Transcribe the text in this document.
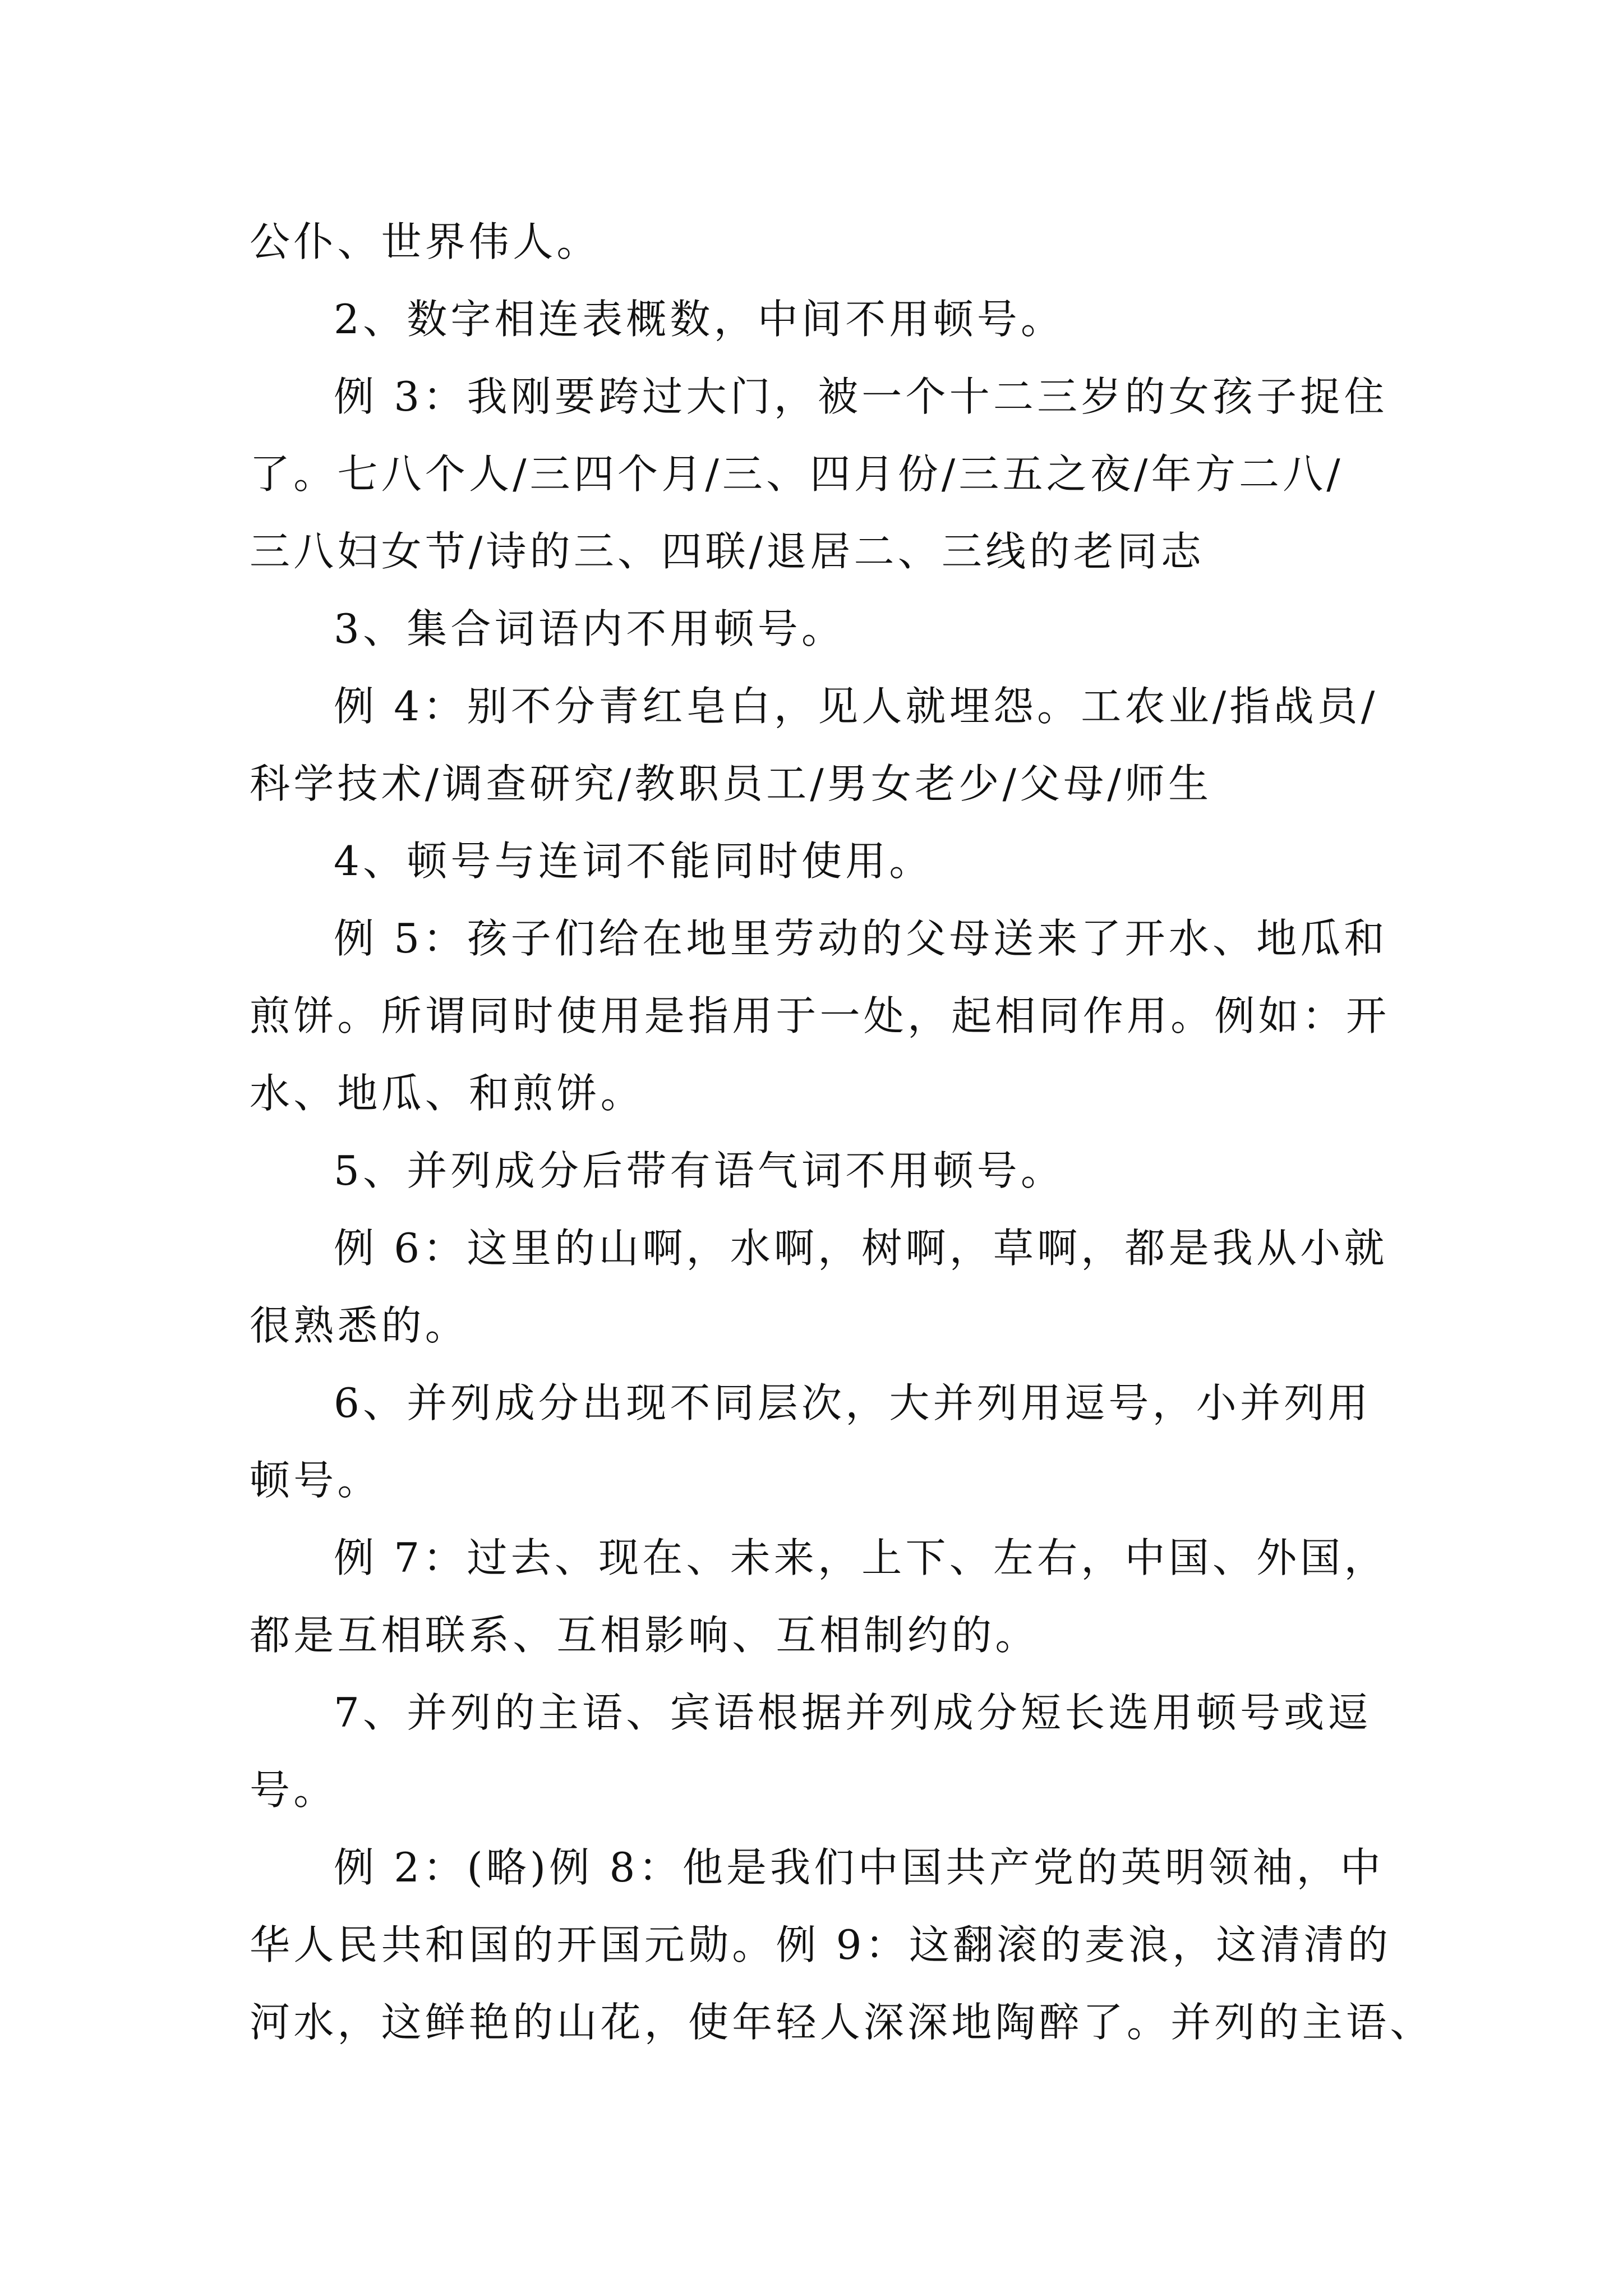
公仆、世界伟人。
2、数字相连表概数，中间不用顿号。
例 3：我刚要跨过大门，被一个十二三岁的女孩子捉住
了。七八个人/三四个月/三、四月份/三五之夜/年方二八/
三八妇女节/诗的三、四联/退居二、三线的老同志
3、集合词语内不用顿号。
例 4：别不分青红皂白，见人就埋怨。工农业/指战员/
科学技术/调查研究/教职员工/男女老少/父母/师生
4、顿号与连词不能同时使用。
例 5：孩子们给在地里劳动的父母送来了开水、地瓜和
煎饼。所谓同时使用是指用于一处，起相同作用。例如：开
水、地瓜、和煎饼。
5、并列成分后带有语气词不用顿号。
例 6：这里的山啊，水啊，树啊，草啊，都是我从小就
很熟悉的。
6、并列成分出现不同层次，大并列用逗号，小并列用
顿号。
例 7：过去、现在、未来，上下、左右，中国、外国，
都是互相联系、互相影响、互相制约的。
7、并列的主语、宾语根据并列成分短长选用顿号或逗
号。
例 2：(略)例 8：他是我们中国共产党的英明领袖，中
华人民共和国的开国元勋。例 9：这翻滚的麦浪，这清清的
河水，这鲜艳的山花，使年轻人深深地陶醉了。并列的主语、
